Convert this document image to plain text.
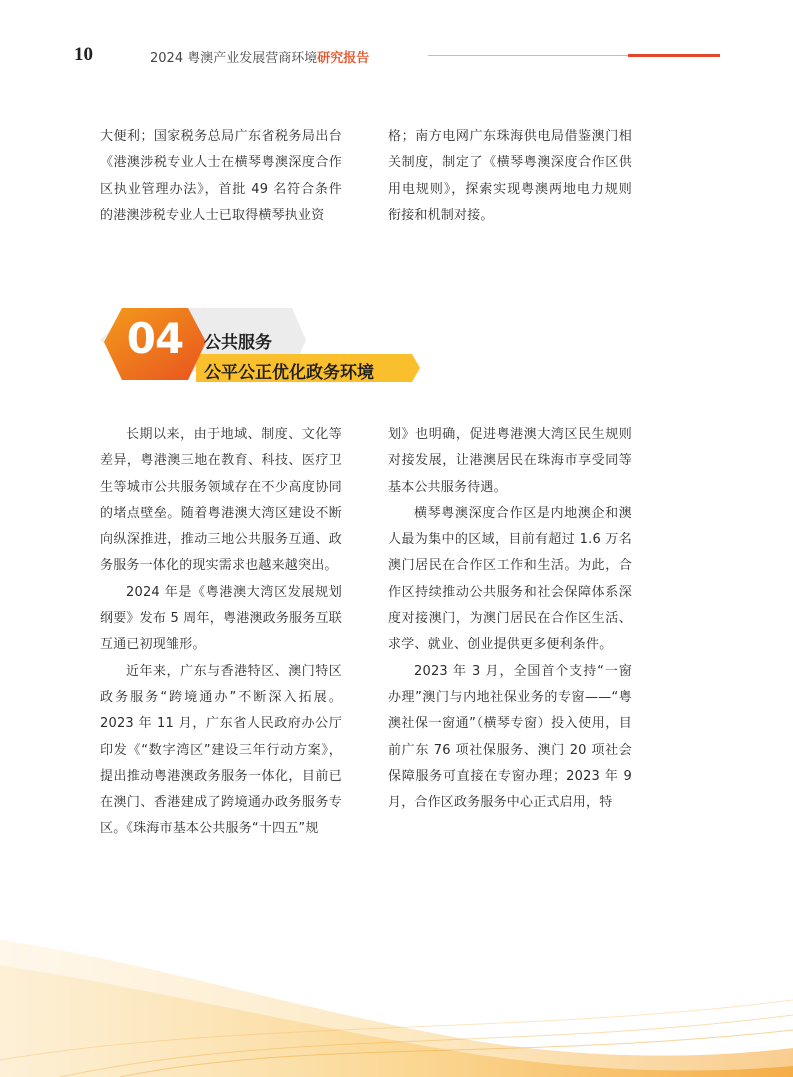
10	2024 粤澳产业发展营商环境研究报告

大便利；国家税务总局广东省税务局出台《港澳涉税专业人士在横琴粤澳深度合作区执业管理办法》，首批 49 名符合条件的港澳涉税专业人士已取得横琴执业资

格；南方电网广东珠海供电局借鉴澳门相关制度，制定了《横琴粤澳深度合作区供用电规则》，探索实现粤澳两地电力规则衔接和机制对接。

04	公共服务
公平公正优化政务环境

长期以来，由于地域、制度、文化等差异，粤港澳三地在教育、科技、医疗卫生等城市公共服务领域存在不少高度协同的堵点壁垒。随着粤港澳大湾区建设不断向纵深推进，推动三地公共服务互通、政务服务一体化的现实需求也越来越突出。

2024 年是《粤港澳大湾区发展规划纲要》发布 5 周年，粤港澳政务服务互联互通已初现雏形。

近年来，广东与香港特区、澳门特区政务服务“跨境通办”不断深入拓展。2023 年 11 月，广东省人民政府办公厅印发《“数字湾区”建设三年行动方案》，提出推动粤港澳政务服务一体化，目前已在澳门、香港建成了跨境通办政务服务专区。《珠海市基本公共服务“十四五”规

划》也明确，促进粤港澳大湾区民生规则对接发展，让港澳居民在珠海市享受同等基本公共服务待遇。

横琴粤澳深度合作区是内地澳企和澳人最为集中的区域，目前有超过 1.6 万名澳门居民在合作区工作和生活。为此，合作区持续推动公共服务和社会保障体系深度对接澳门，为澳门居民在合作区生活、求学、就业、创业提供更多便利条件。

2023 年 3 月，全国首个支持“一窗办理”澳门与内地社保业务的专窗——“粤澳社保一窗通”（横琴专窗）投入使用，目前广东 76 项社保服务、澳门 20 项社会保障服务可直接在专窗办理；2023 年 9 月，合作区政务服务中心正式启用，特
